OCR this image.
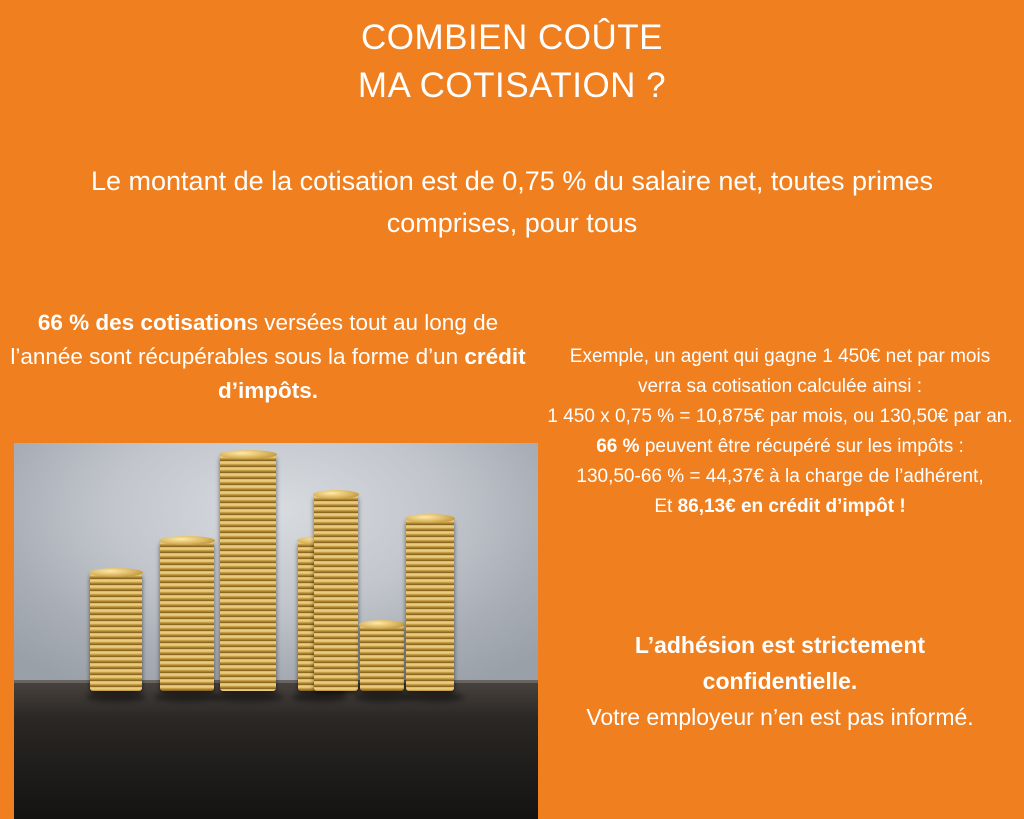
COMBIEN COÛTE
MA COTISATION ?
Le montant de la cotisation est de 0,75 % du salaire net, toutes primes comprises, pour tous
66 % des cotisations versées tout au long de l’année sont récupérables sous la forme d’un crédit d’impôts.
Exemple, un agent qui gagne 1 450€ net par mois
verra sa cotisation calculée ainsi :
1 450 x 0,75 % = 10,875€ par mois, ou 130,50€ par an.
66 % peuvent être récupéré sur les impôts :
130,50-66 % = 44,37€ à la charge de l’adhérent,
Et 86,13€ en crédit d’impôt !
L’adhésion est strictement
confidentielle.
Votre employeur n’en est pas informé.
